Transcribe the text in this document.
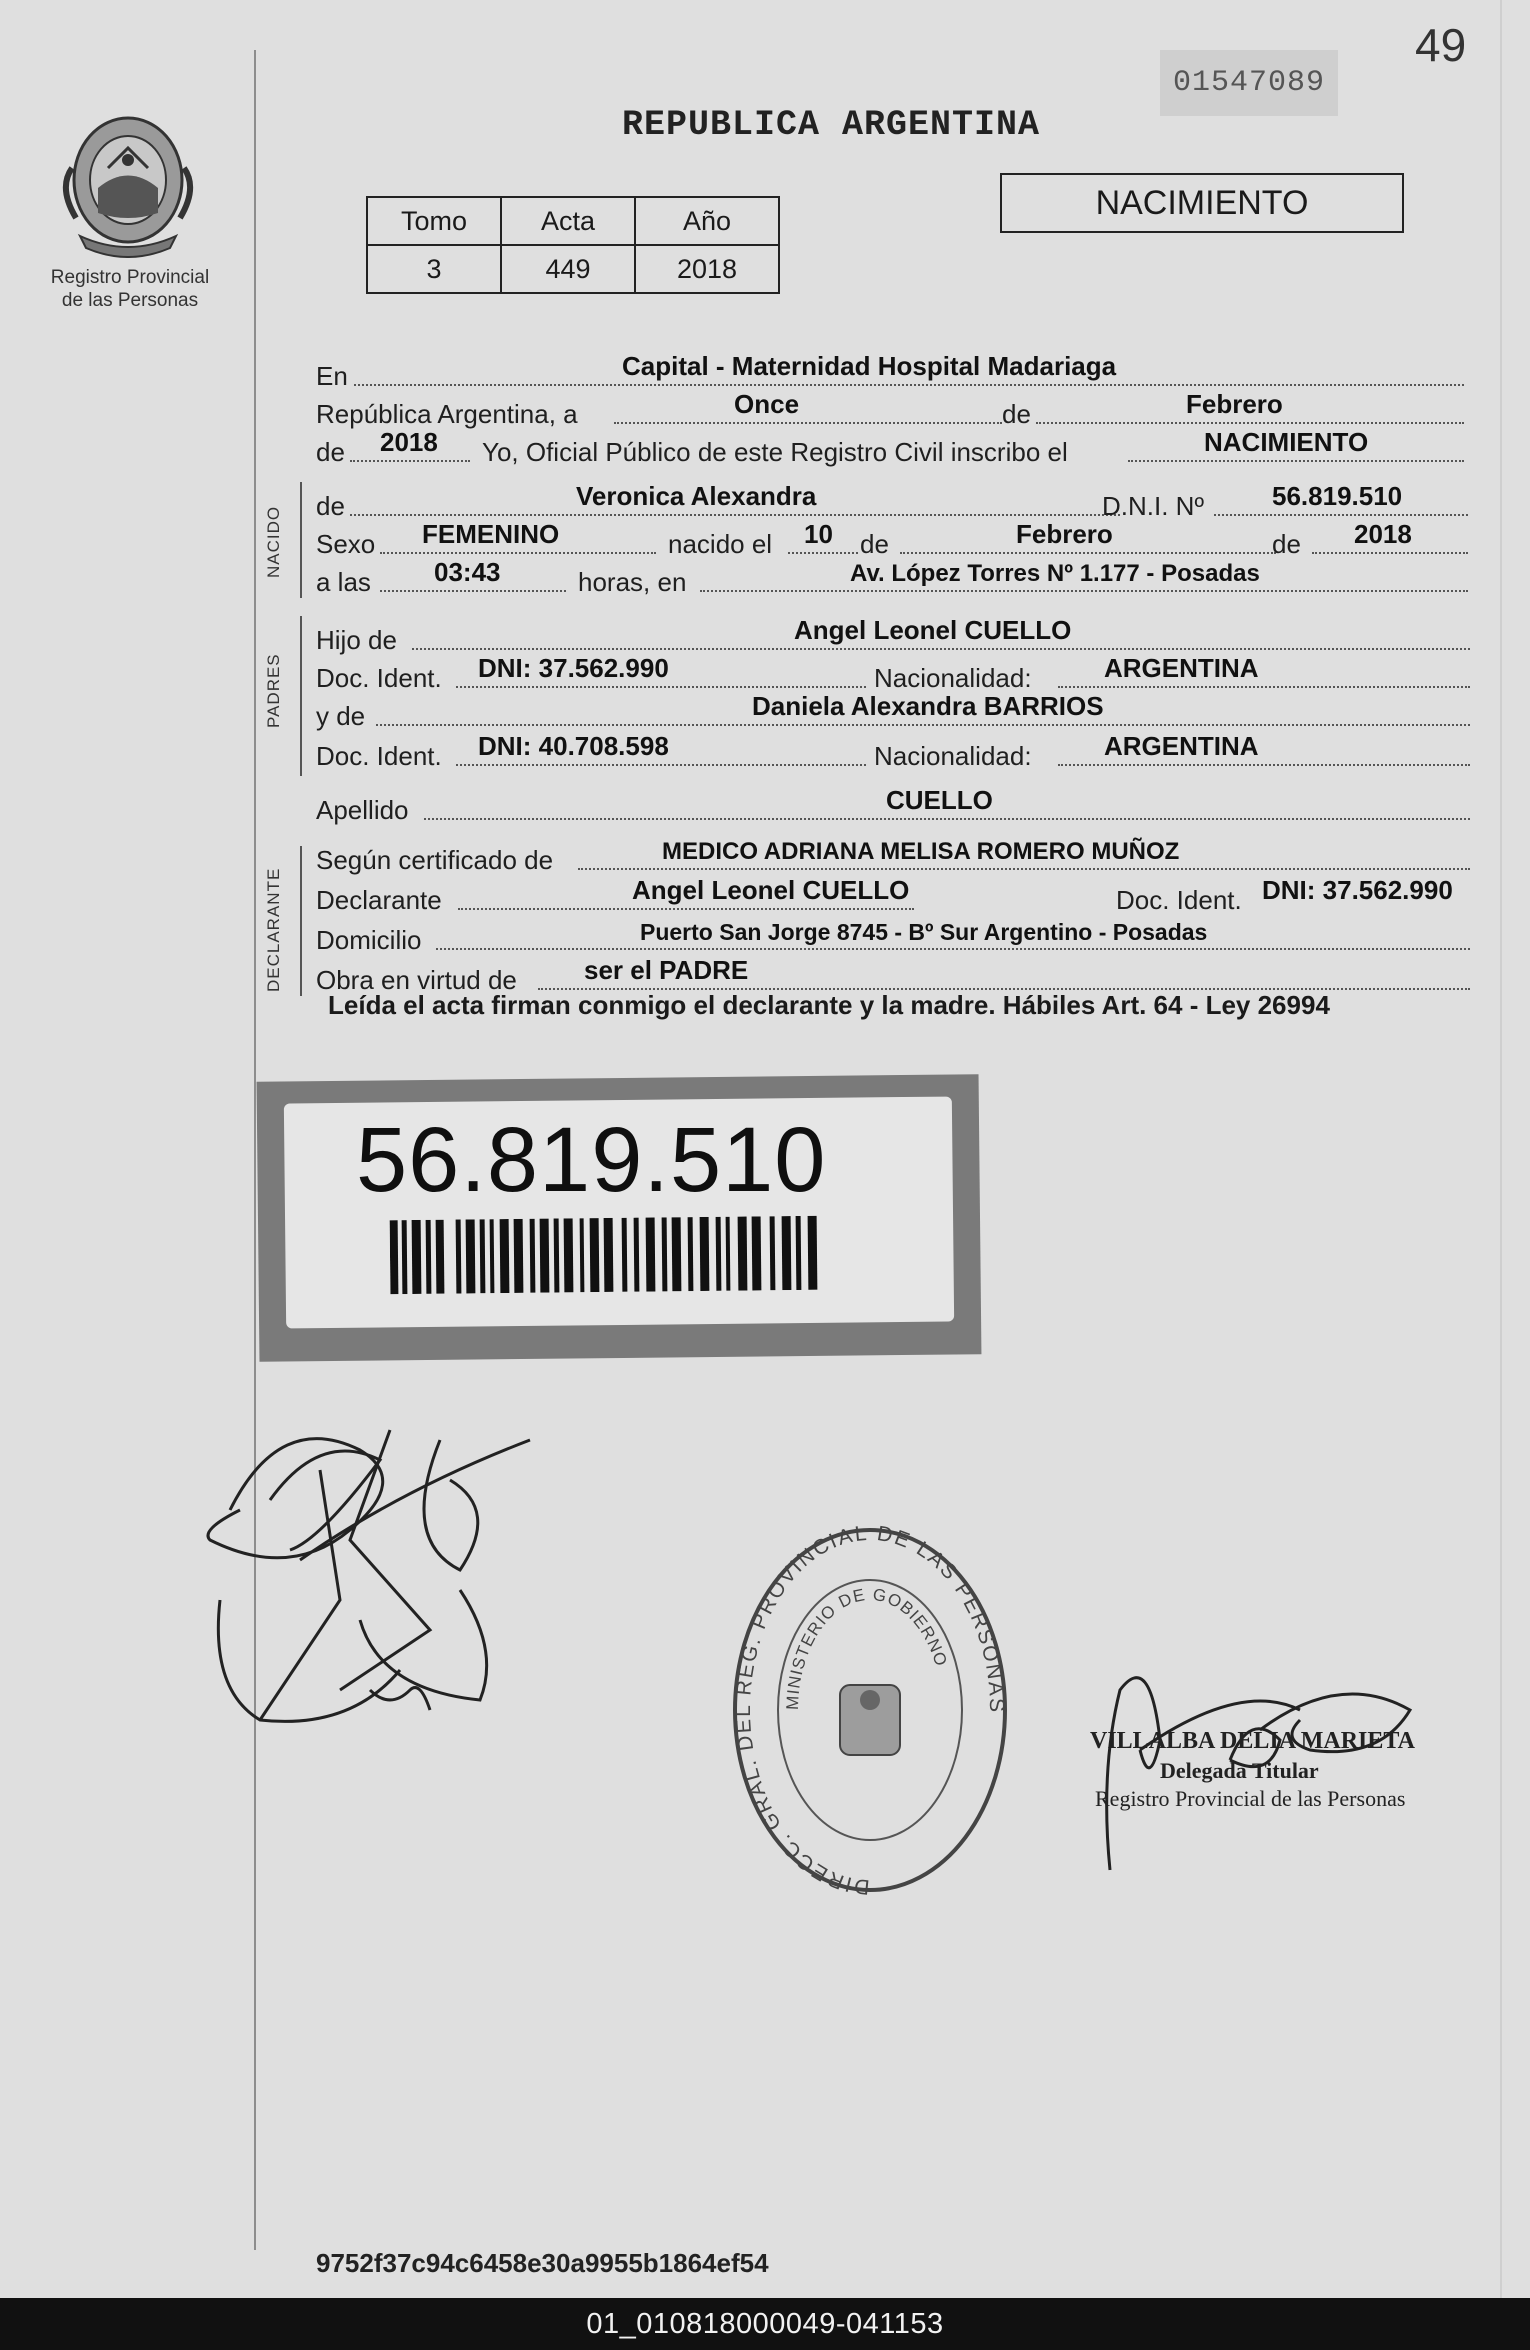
49
01547089
REPUBLICA ARGENTINA
Registro Provincial
de las Personas
Tomo	Acta	Año
3	449	2018
NACIMIENTO
En	Capital - Maternidad Hospital Madariaga
República Argentina, a	Once	de	Febrero
de 2018 Yo, Oficial Público de este Registro Civil inscribo el	NACIMIENTO
NACIDO de	Veronica Alexandra	D.N.I. Nº	56.819.510
Sexo FEMENINO	nacido el 10 de	Febrero	de 2018
a las 03:43	horas, en	Av. López Torres Nº 1.177 - Posadas
PADRES
Hijo de	Angel Leonel CUELLO
Doc. Ident. DNI: 37.562.990	Nacionalidad:	ARGENTINA
y de	Daniela Alexandra BARRIOS
Doc. Ident. DNI: 40.708.598	Nacionalidad:	ARGENTINA
Apellido	CUELLO
DECLARANTE
Según certificado de	MEDICO ADRIANA MELISA ROMERO MUÑOZ
Declarante	Angel Leonel CUELLO	Doc. Ident. DNI: 37.562.990
Domicilio	Puerto San Jorge 8745 - Bº Sur Argentino - Posadas
Obra en virtud de	ser el PADRE
Leída el acta firman conmigo el declarante y la madre. Hábiles Art. 64 - Ley 26994
56.819.510
DIRECC. GRAL. DEL REG. PROVINCIAL DE LAS PERSONAS
MINISTERIO DE GOBIERNO
VILLALBA DELIA MARIETA
Delegada Titular
Registro Provincial de las Personas
9752f37c94c6458e30a9955b1864ef54
01_010818000049-041153
